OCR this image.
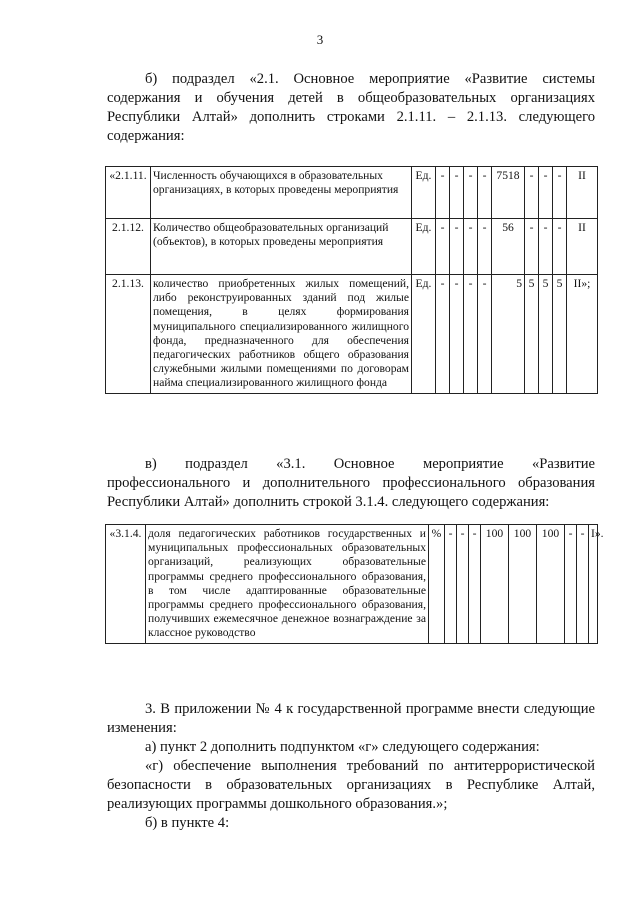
3
б) подраздел «2.1. Основное мероприятие «Развитие системы содержания и обучения детей в общеобразовательных организациях Республики Алтай» дополнить строками 2.1.11. – 2.1.13. следующего содержания:
«2.1.11.	Численность обучающихся в образовательных организациях, в которых проведены мероприятия	Ед.	-	-	-	-	7518	-	-	-	II
2.1.12.	Количество общеобразовательных организаций (объектов), в которых проведены мероприятия	Ед.	-	-	-	-	56	-	-	-	II
2.1.13.	количество приобретенных жилых помещений, либо реконструированных зданий под жилые помещения, в целях формирования муниципального специализированного жилищного фонда, предназначенного для обеспечения педагогических работников общего образования служебными жилыми помещениями по договорам найма специализированного жилищного фонда	Ед.	-	-	-	-	5	5	5	5	II»;
в) подраздел «3.1. Основное мероприятие «Развитие профессионального и дополнительного профессионального образования Республики Алтай» дополнить строкой 3.1.4. следующего содержания:
«3.1.4.	доля педагогических работников государственных и муниципальных профессиональных образовательных организаций, реализующих образовательные программы среднего профессионального образования, в том числе адаптированные образовательные программы среднего профессионального образования, получивших ежемесячное денежное вознаграждение за классное руководство	%	-	-	-	100	100	100	-	-	I».
3. В приложении № 4 к государственной программе внести следующие изменения:
а) пункт 2 дополнить подпунктом «г» следующего содержания:
«г) обеспечение выполнения требований по антитеррористической безопасности в образовательных организациях в Республике Алтай, реализующих программы дошкольного образования.»;
б) в пункте 4:
